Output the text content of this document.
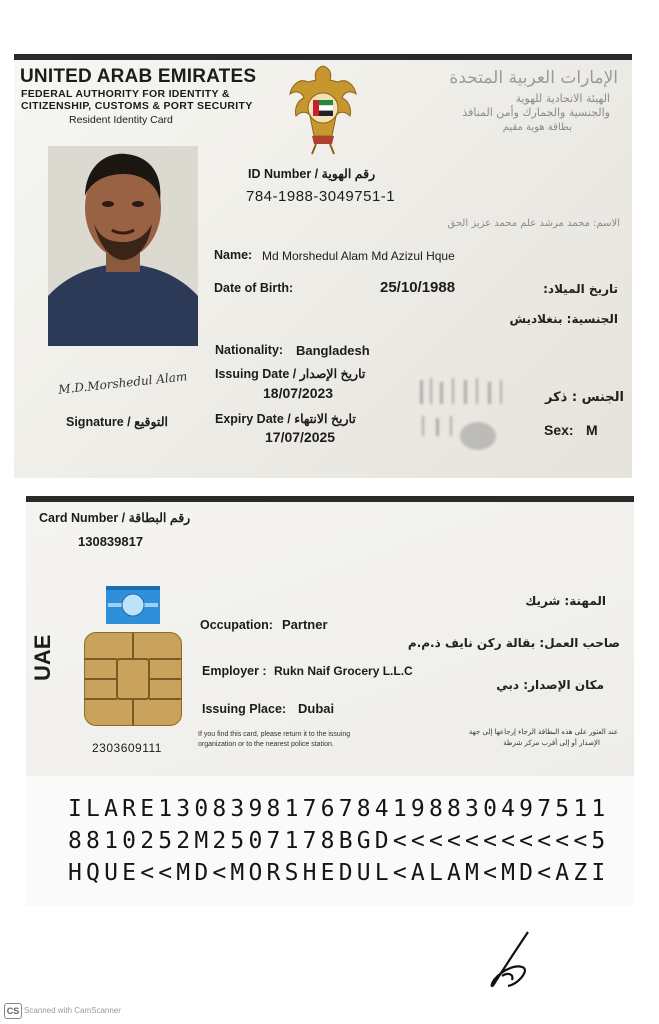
UNITED ARAB EMIRATES
FEDERAL AUTHORITY FOR IDENTITY &
CITIZENSHIP, CUSTOMS & PORT SECURITY
Resident Identity Card
الإمارات العربية المتحدة
الهيئة الاتحادية للهوية
والجنسية والجمارك وأمن المنافذ
بطاقة هوية مقيم
ID Number / رقم الهوية
784-1988-3049751-1
الاسم: محمد مرشد علم محمد عزيز الحق
Name: Md Morshedul Alam Md Azizul Hque
Date of Birth:	25/10/1988	تاريخ الميلاد:
الجنسية: بنغلاديش
Nationality: Bangladesh
Issuing Date / تاريخ الإصدار
18/07/2023
Expiry Date / تاريخ الانتهاء
17/07/2025
M.D.Morshedul Alam
Signature / التوقيع
الجنس : ذكر
Sex: M
Card Number / رقم البطاقة
130839817
UAE
2303609111
المهنة: شريك
Occupation: Partner
صاحب العمل: بقالة ركن نايف ذ.م.م
Employer : Rukn Naif Grocery L.L.C
مكان الإصدار: دبي
Issuing Place: Dubai
If you find this card, please return it to the issuing
organization or to the nearest police station.
عند العثور على هذه البطاقة الرجاء إرجاعها إلى جهة
الإصدار أو إلى أقرب مركز شرطة
ILARE1308398176784198830497511
8810252M2507178BGD<<<<<<<<<<<5
HQUE<<MD<MORSHEDUL<ALAM<MD<AZI
CS Scanned with CamScanner
